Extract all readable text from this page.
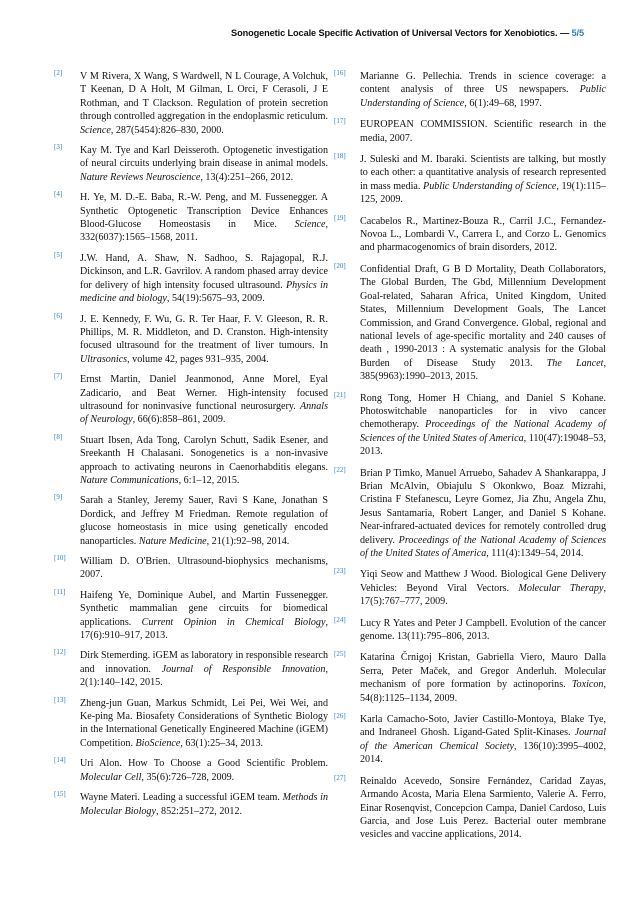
Sonogenetic Locale Specific Activation of Universal Vectors for Xenobiotics. — 5/5
[2]	V M Rivera, X Wang, S Wardwell, N L Courage, A Volchuk, T Keenan, D A Holt, M Gilman, L Orci, F Cerasoli, J E Rothman, and T Clackson. Regulation of protein secretion through controlled aggregation in the endoplasmic reticulum. Science, 287(5454):826–830, 2000.
[3]	Kay M. Tye and Karl Deisseroth. Optogenetic investigation of neural circuits underlying brain disease in animal models. Nature Reviews Neuroscience, 13(4):251–266, 2012.
[4]	H. Ye, M. D.-E. Baba, R.-W. Peng, and M. Fussenegger. A Synthetic Optogenetic Transcription Device Enhances Blood-Glucose Homeostasis in Mice. Science, 332(6037):1565–1568, 2011.
[5]	J.W. Hand, A. Shaw, N. Sadhoo, S. Rajagopal, R.J. Dickinson, and L.R. Gavrilov. A random phased array device for delivery of high intensity focused ultrasound. Physics in medicine and biology, 54(19):5675–93, 2009.
[6]	J. E. Kennedy, F. Wu, G. R. Ter Haar, F. V. Gleeson, R. R. Phillips, M. R. Middleton, and D. Cranston. High-intensity focused ultrasound for the treatment of liver tumours. In Ultrasonics, volume 42, pages 931–935, 2004.
[7]	Ernst Martin, Daniel Jeanmonod, Anne Morel, Eyal Zadicario, and Beat Werner. High-intensity focused ultrasound for noninvasive functional neurosurgery. Annals of Neurology, 66(6):858–861, 2009.
[8]	Stuart Ibsen, Ada Tong, Carolyn Schutt, Sadik Esener, and Sreekanth H Chalasani. Sonogenetics is a non-invasive approach to activating neurons in Caenorhabditis elegans. Nature Communications, 6:1–12, 2015.
[9]	Sarah a Stanley, Jeremy Sauer, Ravi S Kane, Jonathan S Dordick, and Jeffrey M Friedman. Remote regulation of glucose homeostasis in mice using genetically encoded nanoparticles. Nature Medicine, 21(1):92–98, 2014.
[10]	William D. O'Brien. Ultrasound-biophysics mechanisms, 2007.
[11]	Haifeng Ye, Dominique Aubel, and Martin Fussenegger. Synthetic mammalian gene circuits for biomedical applications. Current Opinion in Chemical Biology, 17(6):910–917, 2013.
[12]	Dirk Stemerding. iGEM as laboratory in responsible research and innovation. Journal of Responsible Innovation, 2(1):140–142, 2015.
[13]	Zheng-jun Guan, Markus Schmidt, Lei Pei, Wei Wei, and Ke-ping Ma. Biosafety Considerations of Synthetic Biology in the International Genetically Engineered Machine (iGEM) Competition. BioScience, 63(1):25–34, 2013.
[14]	Uri Alon. How To Choose a Good Scientific Problem. Molecular Cell, 35(6):726–728, 2009.
[15]	Wayne Materi. Leading a successful iGEM team. Methods in Molecular Biology, 852:251–272, 2012.
[16]	Marianne G. Pellechia. Trends in science coverage: a content analysis of three US newspapers. Public Understanding of Science, 6(1):49–68, 1997.
[17]	EUROPEAN COMMISSION. Scientific research in the media, 2007.
[18]	J. Suleski and M. Ibaraki. Scientists are talking, but mostly to each other: a quantitative analysis of research represented in mass media. Public Understanding of Science, 19(1):115–125, 2009.
[19]	Cacabelos R., Martinez-Bouza R., Carril J.C., Fernandez-Novoa L., Lombardi V., Carrera I., and Corzo L. Genomics and pharmacogenomics of brain disorders, 2012.
[20]	Confidential Draft, G B D Mortality, Death Collaborators, The Global Burden, The Gbd, Millennium Development Goal-related, Saharan Africa, United Kingdom, United States, Millennium Development Goals, The Lancet Commission, and Grand Convergence. Global, regional and national levels of age-specific mortality and 240 causes of death , 1990-2013 : A systematic analysis for the Global Burden of Disease Study 2013. The Lancet, 385(9963):1990–2013, 2015.
[21]	Rong Tong, Homer H Chiang, and Daniel S Kohane. Photoswitchable nanoparticles for in vivo cancer chemotherapy. Proceedings of the National Academy of Sciences of the United States of America, 110(47):19048–53, 2013.
[22]	Brian P Timko, Manuel Arruebo, Sahadev A Shankarappa, J Brian McAlvin, Obiajulu S Okonkwo, Boaz Mizrahi, Cristina F Stefanescu, Leyre Gomez, Jia Zhu, Angela Zhu, Jesus Santamaria, Robert Langer, and Daniel S Kohane. Near-infrared-actuated devices for remotely controlled drug delivery. Proceedings of the National Academy of Sciences of the United States of America, 111(4):1349–54, 2014.
[23]	Yiqi Seow and Matthew J Wood. Biological Gene Delivery Vehicles: Beyond Viral Vectors. Molecular Therapy, 17(5):767–777, 2009.
[24]	Lucy R Yates and Peter J Campbell. Evolution of the cancer genome. 13(11):795–806, 2013.
[25]	Katarina Črnigoj Kristan, Gabriella Viero, Mauro Dalla Serra, Peter Maček, and Gregor Anderluh. Molecular mechanism of pore formation by actinoporins. Toxicon, 54(8):1125–1134, 2009.
[26]	Karla Camacho-Soto, Javier Castillo-Montoya, Blake Tye, and Indraneel Ghosh. Ligand-Gated Split-Kinases. Journal of the American Chemical Society, 136(10):3995–4002, 2014.
[27]	Reinaldo Acevedo, Sonsire Fernández, Caridad Zayas, Armando Acosta, Maria Elena Sarmiento, Valerie A. Ferro, Einar Rosenqvist, Concepcion Campa, Daniel Cardoso, Luis Garcia, and Jose Luis Perez. Bacterial outer membrane vesicles and vaccine applications, 2014.
